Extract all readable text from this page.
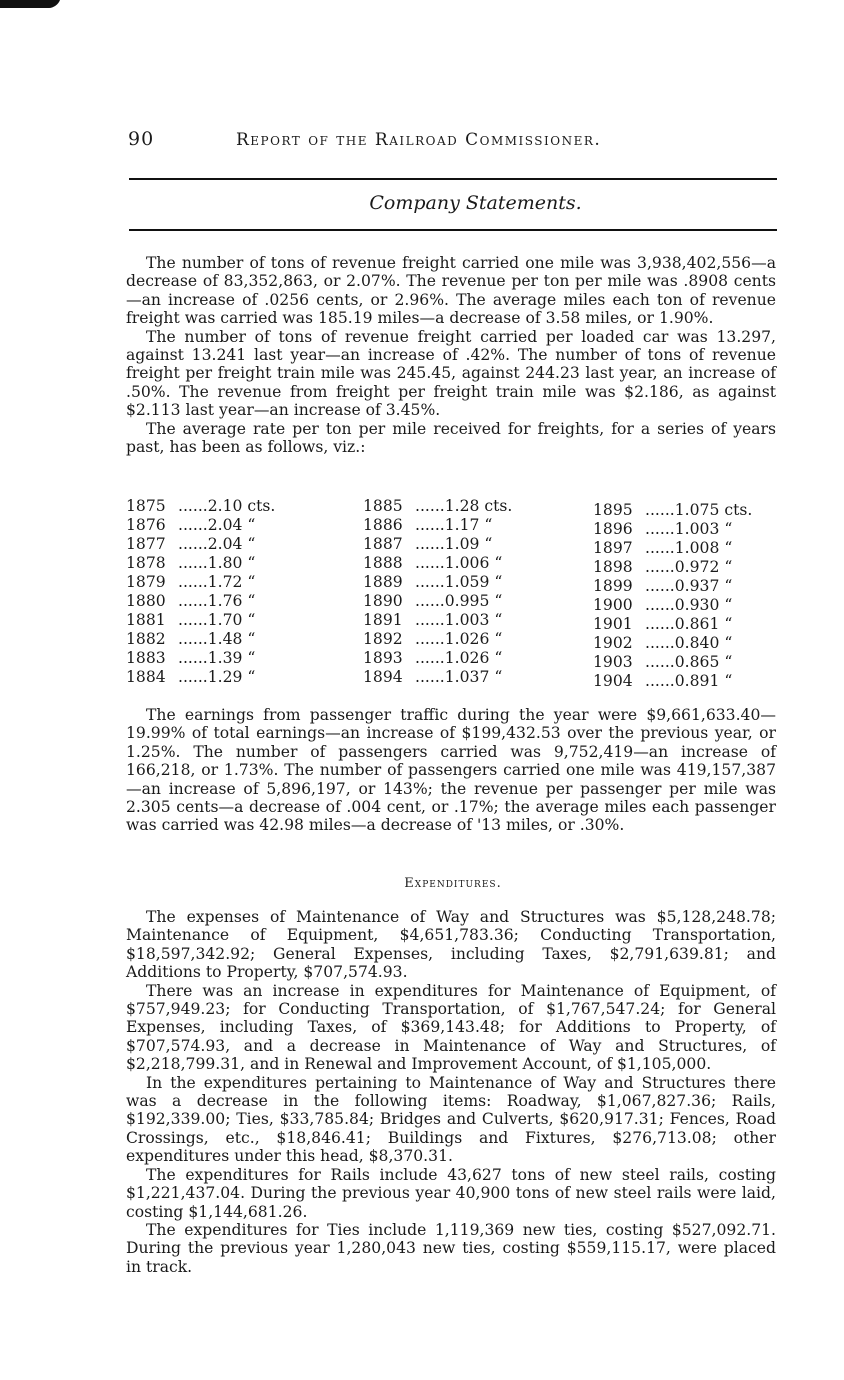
90	Report of the Railroad Commissioner.
Company Statements.

The number of tons of revenue freight carried one mile was 3,938,402,556—a decrease of 83,352,863, or 2.07%. The revenue per ton per mile was .8908 cents—an increase of .0256 cents, or 2.96%. The average miles each ton of revenue freight was carried was 185.19 miles—a decrease of 3.58 miles, or 1.90%.

The number of tons of revenue freight carried per loaded car was 13.297, against 13.241 last year—an increase of .42%. The number of tons of revenue freight per freight train mile was 245.45, against 244.23 last year, an increase of .50%. The revenue from freight per freight train mile was $2.186, as against $2.113 last year—an increase of 3.45%.

The average rate per ton per mile received for freights, for a series of years past, has been as follows, viz.:

1875 ......2.10 cts.
1876 ......2.04 “
1877 ......2.04 “
1878 ......1.80 “
1879 ......1.72 “
1880 ......1.76 “
1881 ......1.70 “
1882 ......1.48 “
1883 ......1.39 “
1884 ......1.29 “
1885 ......1.28 cts.
1886 ......1.17 “
1887 ......1.09 “
1888 ......1.006 “
1889 ......1.059 “
1890 ......0.995 “
1891 ......1.003 “
1892 ......1.026 “
1893 ......1.026 “
1894 ......1.037 “
1895 ......1.075 cts.
1896 ......1.003 “
1897 ......1.008 “
1898 ......0.972 “
1899 ......0.937 “
1900 ......0.930 “
1901 ......0.861 “
1902 ......0.840 “
1903 ......0.865 “
1904 ......0.891 “

The earnings from passenger traffic during the year were $9,661,633.40—19.99% of total earnings—an increase of $199,432.53 over the previous year, or 1.25%. The number of passengers carried was 9,752,419—an increase of 166,218, or 1.73%. The number of passengers carried one mile was 419,157,387—an increase of 5,896,197, or 143%; the revenue per passenger per mile was 2.305 cents—a decrease of .004 cent, or .17%; the average miles each passenger was carried was 42.98 miles—a decrease of '13 miles, or .30%.

Expenditures.

The expenses of Maintenance of Way and Structures was $5,128,248.78; Maintenance of Equipment, $4,651,783.36; Conducting Transportation, $18,597,342.92; General Expenses, including Taxes, $2,791,639.81; and Additions to Property, $707,574.93.

There was an increase in expenditures for Maintenance of Equipment, of $757,949.23; for Conducting Transportation, of $1,767,547.24; for General Expenses, including Taxes, of $369,143.48; for Additions to Property, of $707,574.93, and a decrease in Maintenance of Way and Structures, of $2,218,799.31, and in Renewal and Improvement Account, of $1,105,000.

In the expenditures pertaining to Maintenance of Way and Structures there was a decrease in the following items: Roadway, $1,067,827.36; Rails, $192,339.00; Ties, $33,785.84; Bridges and Culverts, $620,917.31; Fences, Road Crossings, etc., $18,846.41; Buildings and Fixtures, $276,713.08; other expenditures under this head, $8,370.31.

The expenditures for Rails include 43,627 tons of new steel rails, costing $1,221,437.04. During the previous year 40,900 tons of new steel rails were laid, costing $1,144,681.26.

The expenditures for Ties include 1,119,369 new ties, costing $527,092.71. During the previous year 1,280,043 new ties, costing $559,115.17, were placed in track.
